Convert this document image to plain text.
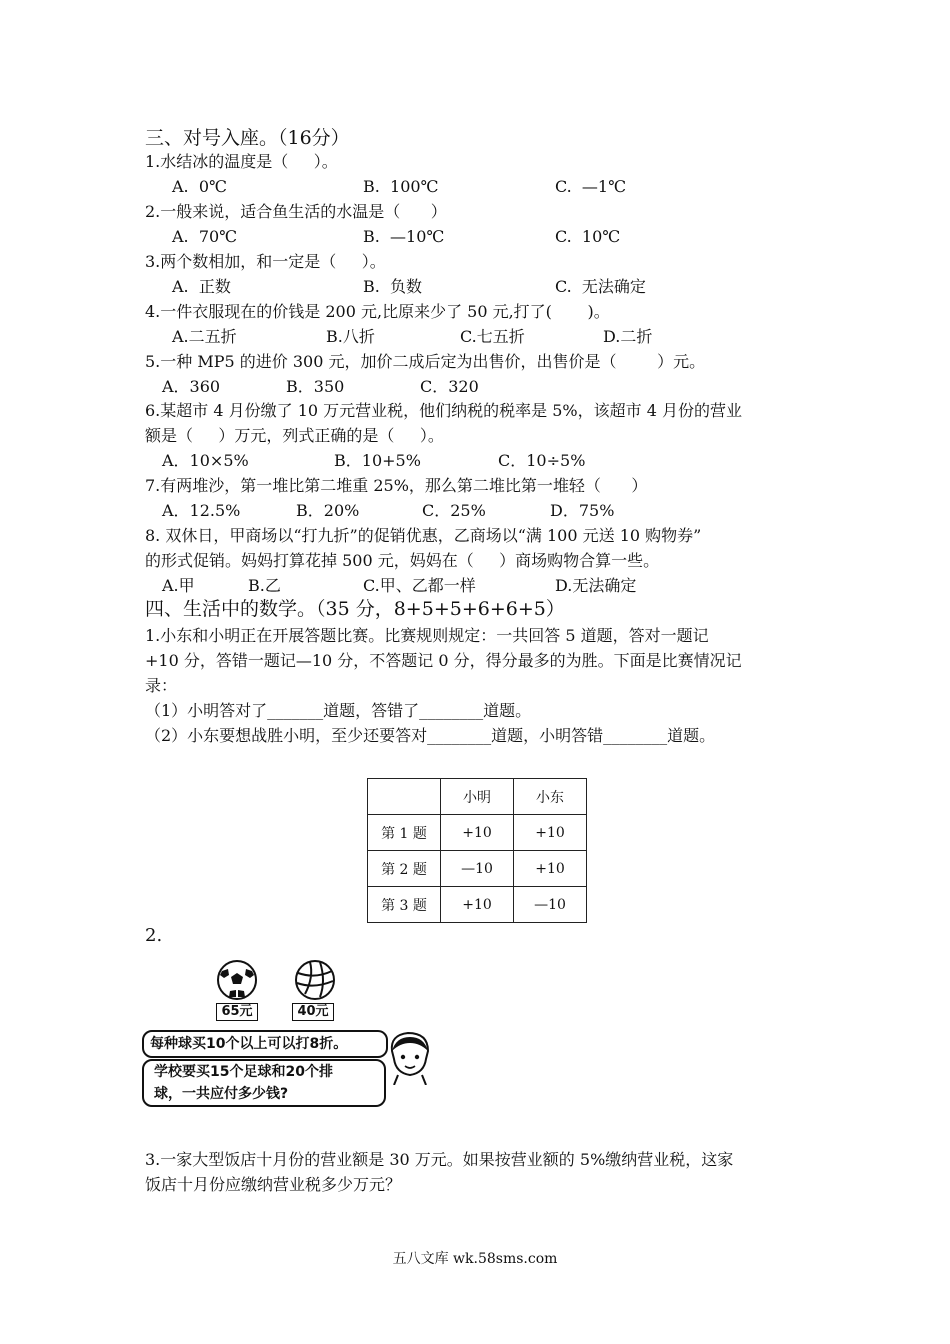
三、对号入座。（16分）
1.水结冰的温度是（     ）。
A.  0℃	B.  100℃	C.  —1℃
2.一般来说，适合鱼生活的水温是（      ）
A.  70℃	B.  —10℃	C.  10℃
3.两个数相加，和一定是（     ）。
A.  正数	B.  负数	C.  无法确定
4.一件衣服现在的价钱是 200 元,比原来少了 50 元,打了(       )。
A.二五折	B.八折	C.七五折	D.二折
5.一种 MP5 的进价 300 元，加价二成后定为出售价，出售价是（        ）元。
A．360	B．350	C．320
6.某超市 4 月份缴了 10 万元营业税，他们纳税的税率是 5%，该超市 4 月份的营业
额是（     ）万元，列式正确的是（     ）。
A．10×5%	B．10+5%	C．10÷5%
7.有两堆沙，第一堆比第二堆重 25%，那么第二堆比第一堆轻（      ）
A．12.5%	B．20%	C．25%	D．75%
8. 双休日，甲商场以“打九折”的促销优惠，乙商场以“满 100 元送 10 购物券”
的形式促销。妈妈打算花掉 500 元，妈妈在（     ）商场购物合算一些。
A.甲	B.乙	C.甲、乙都一样	D.无法确定
四、生活中的数学。（35 分，8+5+5+6+6+5）
1.小东和小明正在开展答题比赛。比赛规则规定：一共回答 5 道题，答对一题记
+10 分，答错一题记—10 分，不答题记 0 分，得分最多的为胜。下面是比赛情况记
录：
（1）小明答对了_______道题，答错了________道题。
（2）小东要想战胜小明，至少还要答对________道题，小明答错________道题。
	小明	小东
第 1 题	+10	+10
第 2 题	—10	+10
第 3 题	+10	—10
2.
65元	40元
每种球买10个以上可以打8折。
学校要买15个足球和20个排
球，一共应付多少钱?
3.一家大型饭店十月份的营业额是 30 万元。如果按营业额的 5%缴纳营业税，这家
饭店十月份应缴纳营业税多少万元？
五八文库 wk.58sms.com
